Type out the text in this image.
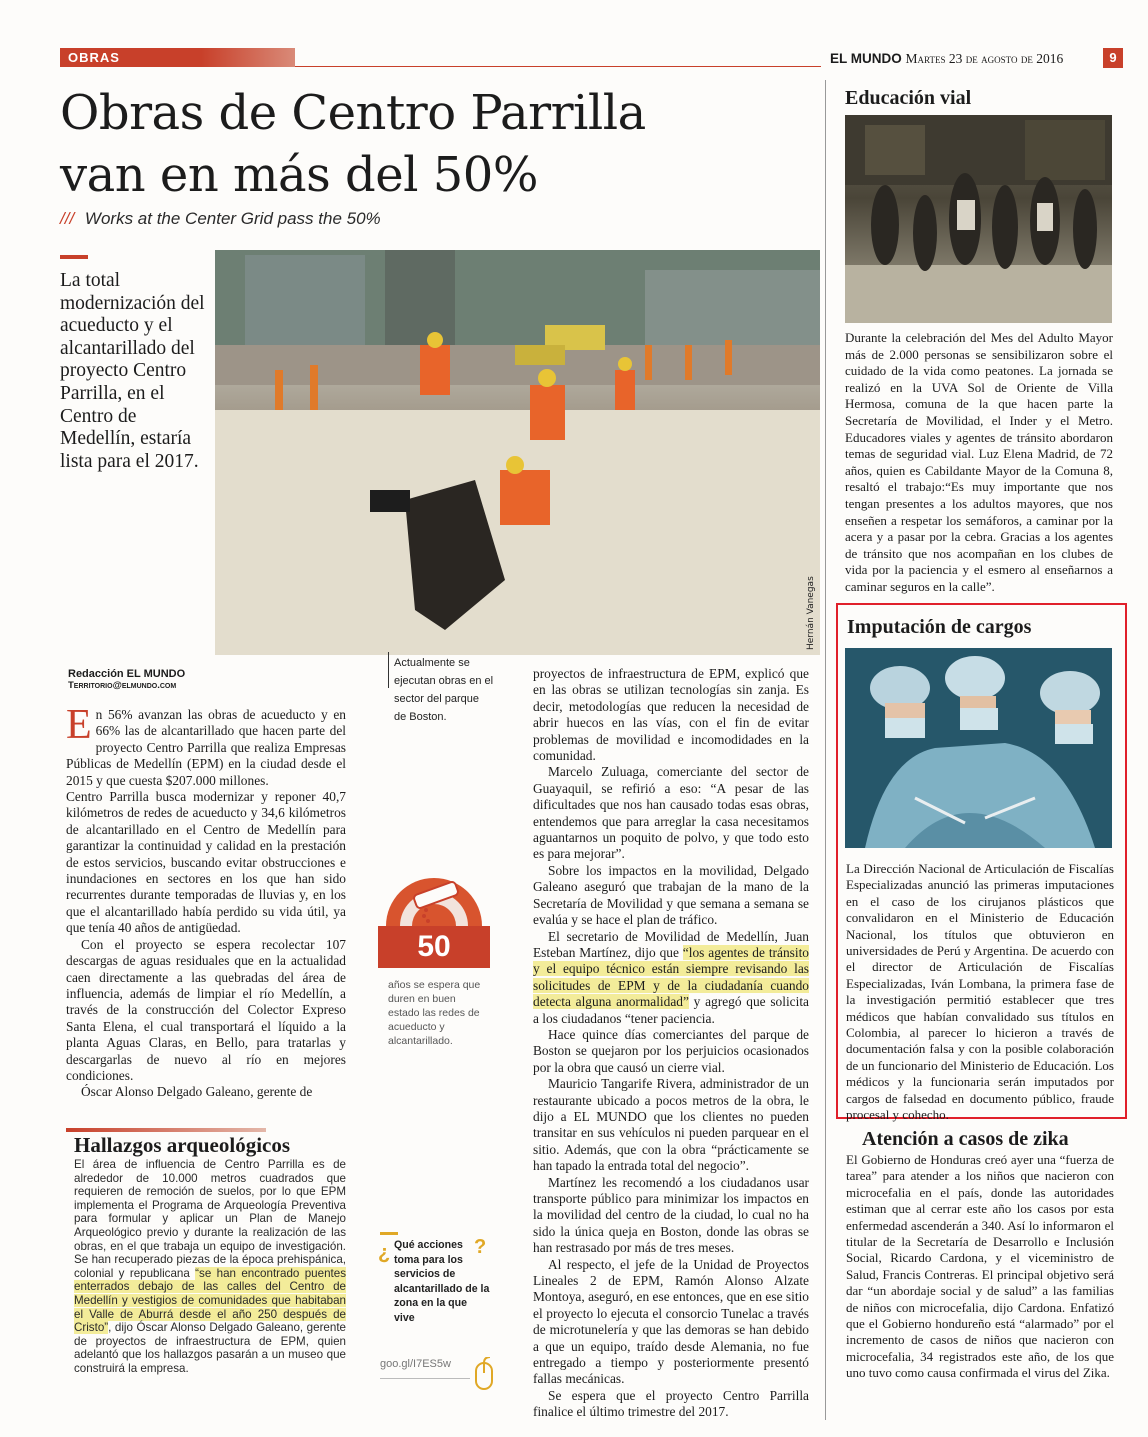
OBRAS	EL MUNDO Martes 23 de agosto de 2016	9
Obras de Centro Parrilla
van en más del 50%
/// Works at the Center Grid pass the 50%
La total modernización del acueducto y el alcantarillado del proyecto Centro Parrilla, en el Centro de Medellín, estaría lista para el 2017.
Hernán Vanegas
Redacción EL MUNDO
Territorio@elmundo.com
Actualmente se ejecutan obras en el sector del parque de Boston.

E n 56% avanzan las obras de acueducto y en 66% las de alcantarillado que hacen parte del proyecto Centro Parrilla que realiza Empresas Públicas de Medellín (EPM) en la ciudad desde el 2015 y que cuesta $207.000 millones.

Centro Parrilla busca modernizar y reponer 40,7 kilómetros de redes de acueducto y 34,6 kilómetros de alcantarillado en el Centro de Medellín para garantizar la continuidad y calidad en la prestación de estos servicios, buscando evitar obstrucciones e inundaciones en sectores en los que han sido recurrentes durante temporadas de lluvias y, en los que el alcantarillado había perdido su vida útil, ya que tenía 40 años de antigüedad.

Con el proyecto se espera recolectar 107 descargas de aguas residuales que en la actualidad caen directamente a las quebradas del área de influencia, además de limpiar el río Medellín, a través de la construcción del Colector Expreso Santa Elena, el cual transportará el líquido a la planta Aguas Claras, en Bello, para tratarlas y descargarlas de nuevo al río en mejores condiciones.

Óscar Alonso Delgado Galeano, gerente de

Hallazgos arqueológicos

El área de influencia de Centro Parrilla es de alrededor de 10.000 metros cuadrados que requieren de remoción de suelos, por lo que EPM implementa el Programa de Arqueología Preventiva para formular y aplicar un Plan de Manejo Arqueológico previo y durante la realización de las obras, en el que trabaja un equipo de investigación. Se han recuperado piezas de la época prehispánica, colonial y republicana “se han encontrado puentes enterrados debajo de las calles del Centro de Medellín y vestigios de comunidades que habitaban el Valle de Aburrá desde el año 250 después de Cristo”, dijo Óscar Alonso Delgado Galeano, gerente de proyectos de infraestructura de EPM, quien adelantó que los hallazgos pasarán a un museo que construirá la empresa.

50
años se espera que duren en buen estado las redes de acueducto y alcantarillado.
¿ Qué acciones toma para los servicios de alcantarillado de la zona en la que vive
?
goo.gl/I7ES5w

proyectos de infraestructura de EPM, explicó que en las obras se utilizan tecnologías sin zanja. Es decir, metodologías que reducen la necesidad de abrir huecos en las vías, con el fin de evitar problemas de movilidad e incomodidades en la comunidad.

Marcelo Zuluaga, comerciante del sector de Guayaquil, se refirió a eso: “A pesar de las dificultades que nos han causado todas esas obras, entendemos que para arreglar la casa necesitamos aguantarnos un poquito de polvo, y que todo esto es para mejorar”.

Sobre los impactos en la movilidad, Delgado Galeano aseguró que trabajan de la mano de la Secretaría de Movilidad y que semana a semana se evalúa y se hace el plan de tráfico.

El secretario de Movilidad de Medellín, Juan Esteban Martínez, dijo que “los agentes de tránsito y el equipo técnico están siempre revisando las solicitudes de EPM y de la ciudadanía cuando detecta alguna anormalidad” y agregó que solicita a los ciudadanos “tener paciencia.

Hace quince días comerciantes del parque de Boston se quejaron por los perjuicios ocasionados por la obra que causó un cierre vial.

Mauricio Tangarife Rivera, administrador de un restaurante ubicado a pocos metros de la obra, le dijo a EL MUNDO que los clientes no pueden transitar en sus vehículos ni pueden parquear en el sitio. Además, que con la obra “prácticamente se han tapado la entrada total del negocio”.

Martínez les recomendó a los ciudadanos usar transporte público para minimizar los impactos en la movilidad del centro de la ciudad, lo cual no ha sido la única queja en Boston, donde las obras se han restrasado por más de tres meses.

Al respecto, el jefe de la Unidad de Proyectos Lineales 2 de EPM, Ramón Alonso Alzate Montoya, aseguró, en ese entonces, que en ese sitio el proyecto lo ejecuta el consorcio Tunelac a través de microtunelería y que las demoras se han debido a que un equipo, traído desde Alemania, no fue entregado a tiempo y posteriormente presentó fallas mecánicas.

Se espera que el proyecto Centro Parrilla finalice el último trimestre del 2017.

Educación vial

Durante la celebración del Mes del Adulto Mayor más de 2.000 personas se sensibilizaron sobre el cuidado de la vida como peatones. La jornada se realizó en la UVA Sol de Oriente de Villa Hermosa, comuna de la que hacen parte la Secretaría de Movilidad, el Inder y el Metro. Educadores viales y agentes de tránsito abordaron temas de seguridad vial. Luz Elena Madrid, de 72 años, quien es Cabildante Mayor de la Comuna 8, resaltó el trabajo:“Es muy importante que nos tengan presentes a los adultos mayores, que nos enseñen a respetar los semáforos, a caminar por la acera y a pasar por la cebra. Gracias a los agentes de tránsito que nos acompañan en los clubes de vida por la paciencia y el esmero al enseñarnos a caminar seguros en la calle”.

Imputación de cargos

La Dirección Nacional de Articulación de Fiscalías Especializadas anunció las primeras imputaciones en el caso de los cirujanos plásticos que convalidaron en el Ministerio de Educación Nacional, los títulos que obtuvieron en universidades de Perú y Argentina. De acuerdo con el director de Articulación de Fiscalías Especializadas, Iván Lombana, la primera fase de la investigación permitió establecer que tres médicos que habían convalidado sus títulos en Colombia, al parecer lo hicieron a través de documentación falsa y con la posible colaboración de un funcionario del Ministerio de Educación. Los médicos y la funcionaria serán imputados por cargos de falsedad en documento público, fraude procesal y cohecho.

Atención a casos de zika

El Gobierno de Honduras creó ayer una “fuerza de tarea” para atender a los niños que nacieron con microcefalia en el país, donde las autoridades estiman que al cerrar este año los casos por esta enfermedad ascenderán a 340. Así lo informaron el titular de la Secretaría de Desarrollo e Inclusión Social, Ricardo Cardona, y el viceministro de Salud, Francis Contreras. El principal objetivo será dar “un abordaje social y de salud” a las familias de niños con microcefalia, dijo Cardona. Enfatizó que el Gobierno hondureño está “alarmado” por el incremento de casos de niños que nacieron con microcefalia, 34 registrados este año, de los que uno tuvo como causa confirmada el virus del Zika.
